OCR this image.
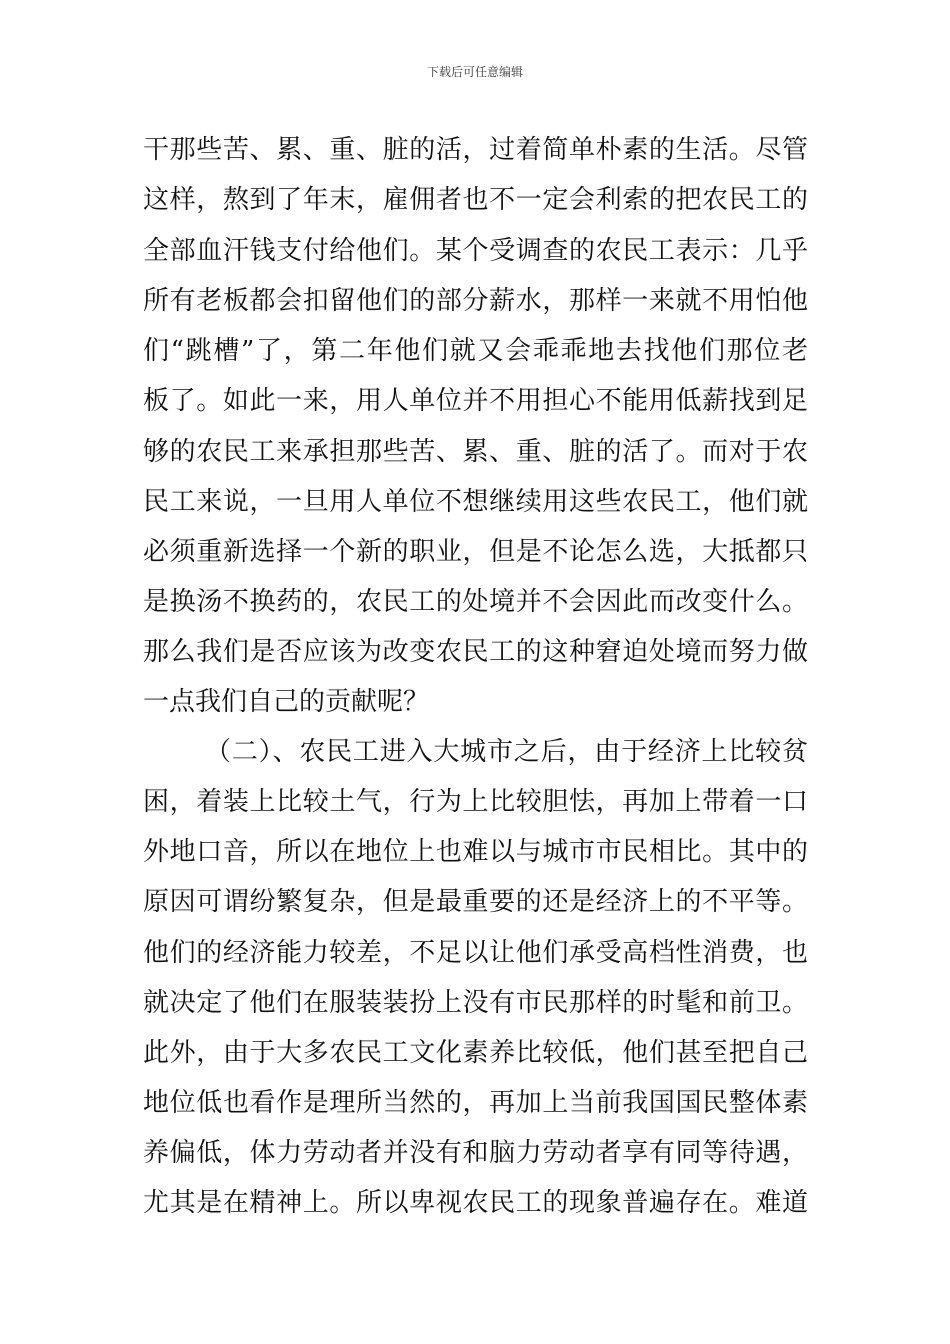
下载后可任意编辑
干那些苦、累、重、脏的活，过着简单朴素的生活。尽管
这样，熬到了年末，雇佣者也不一定会利索的把农民工的
全部血汗钱支付给他们。某个受调查的农民工表示：几乎
所有老板都会扣留他们的部分薪水，那样一来就不用怕他
们“跳槽”了，第二年他们就又会乖乖地去找他们那位老
板了。如此一来，用人单位并不用担心不能用低薪找到足
够的农民工来承担那些苦、累、重、脏的活了。而对于农
民工来说，一旦用人单位不想继续用这些农民工，他们就
必须重新选择一个新的职业，但是不论怎么选，大抵都只
是换汤不换药的，农民工的处境并不会因此而改变什么。
那么我们是否应该为改变农民工的这种窘迫处境而努力做
一点我们自己的贡献呢？
（二）、农民工进入大城市之后，由于经济上比较贫
困，着装上比较土气，行为上比较胆怯，再加上带着一口
外地口音，所以在地位上也难以与城市市民相比。其中的
原因可谓纷繁复杂，但是最重要的还是经济上的不平等。
他们的经济能力较差，不足以让他们承受高档性消费，也
就决定了他们在服装装扮上没有市民那样的时髦和前卫。
此外，由于大多农民工文化素养比较低，他们甚至把自己
地位低也看作是理所当然的，再加上当前我国国民整体素
养偏低，体力劳动者并没有和脑力劳动者享有同等待遇，
尤其是在精神上。所以卑视农民工的现象普遍存在。难道
